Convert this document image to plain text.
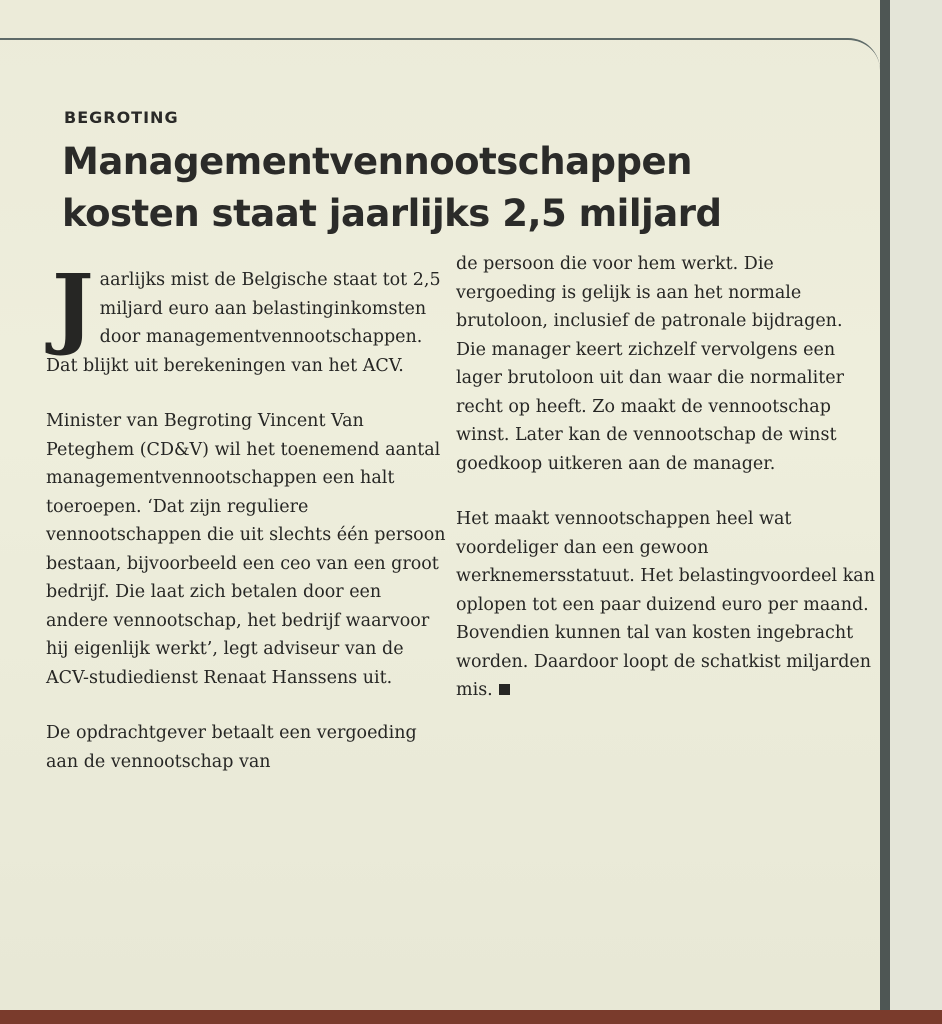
BEGROTING
Managementvennootschappen kosten staat jaarlijks 2,5 miljard

Jaarlijks mist de Belgische staat tot 2,5 miljard euro aan belastinginkomsten door managementvennootschappen. Dat blijkt uit berekeningen van het ACV.

Minister van Begroting Vincent Van Peteghem (CD&V) wil het toenemend aantal managementvennootschappen een halt toeroepen. ‘Dat zijn reguliere vennootschappen die uit slechts één persoon bestaan, bijvoorbeeld een ceo van een groot bedrijf. Die laat zich betalen door een andere vennootschap, het bedrijf waarvoor hij eigenlijk werkt’, legt adviseur van de ACV-studiedienst Renaat Hanssens uit.

De opdrachtgever betaalt een vergoeding aan de vennootschap van

de persoon die voor hem werkt. Die vergoeding is gelijk is aan het normale brutoloon, inclusief de patronale bijdragen. Die manager keert zichzelf vervolgens een lager brutoloon uit dan waar die normaliter recht op heeft. Zo maakt de vennootschap winst. Later kan de vennootschap de winst goedkoop uitkeren aan de manager.

Het maakt vennootschappen heel wat voordeliger dan een gewoon werknemersstatuut. Het belastingvoordeel kan oplopen tot een paar duizend euro per maand. Bovendien kunnen tal van kosten ingebracht worden. Daardoor loopt de schatkist miljarden mis.
